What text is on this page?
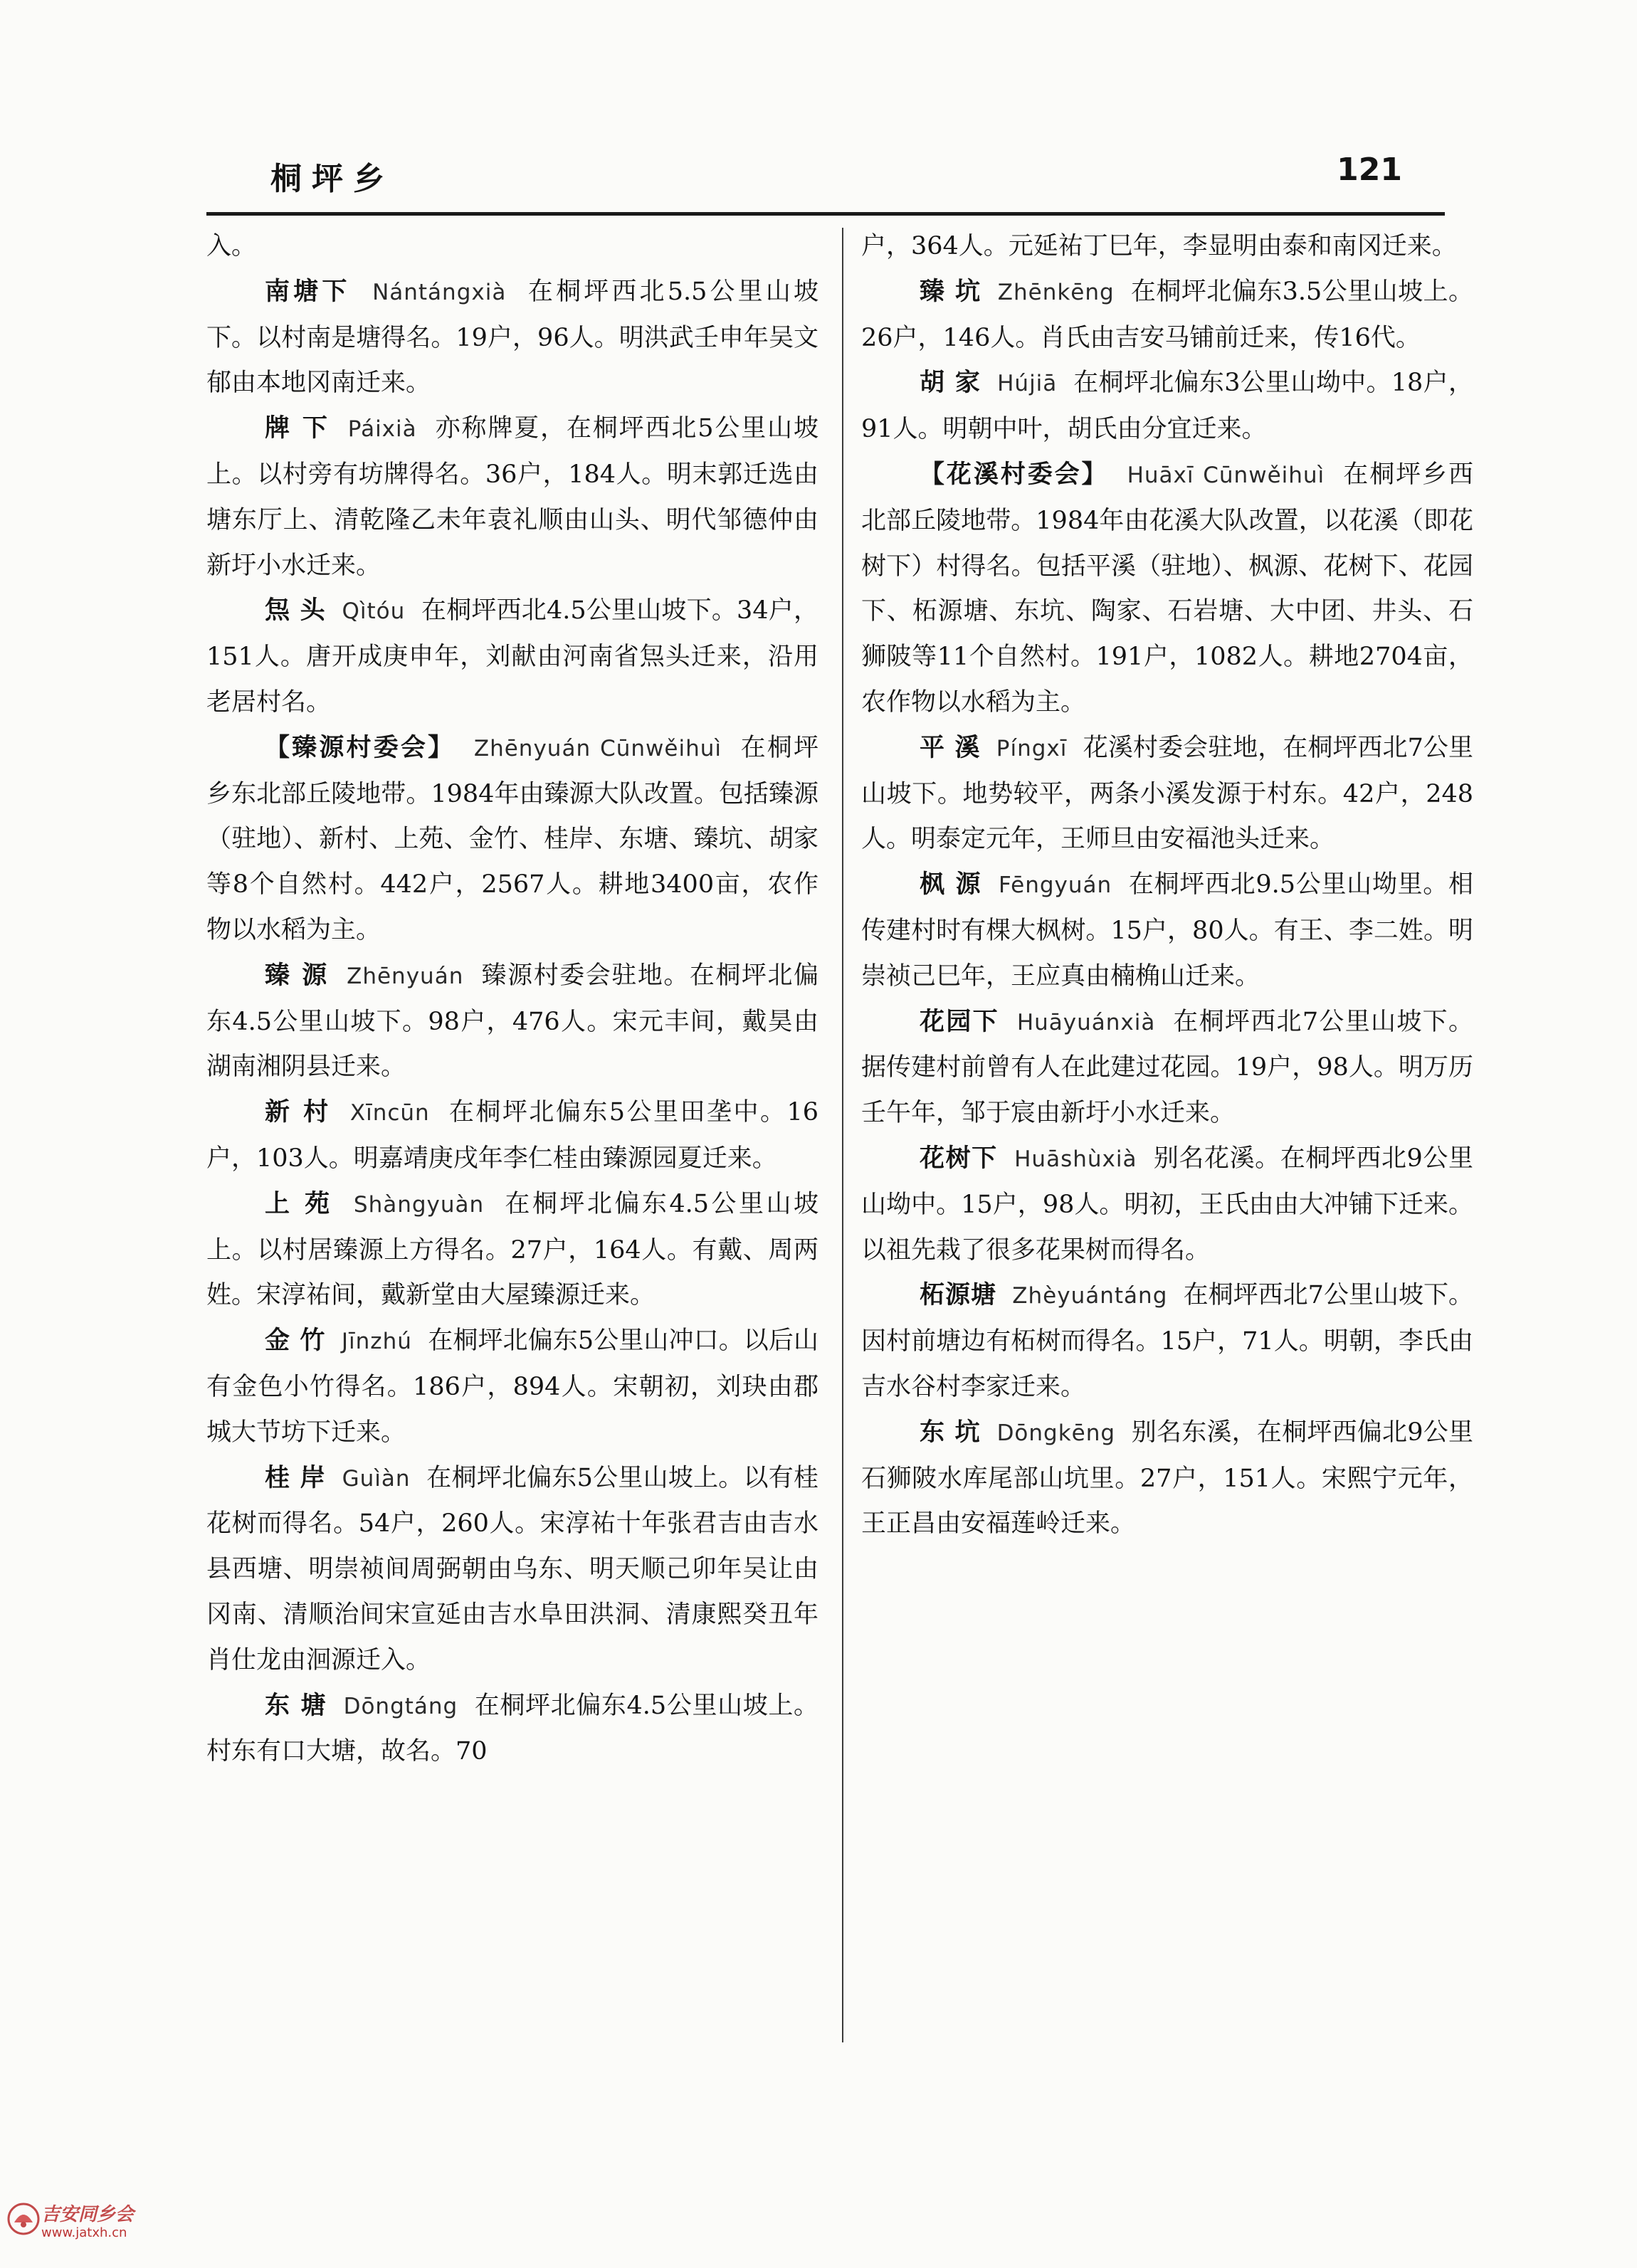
桐坪乡	121

入。

南塘下 Nántángxià 在桐坪西北5.5公里山坡下。以村南是塘得名。19户，96人。明洪武壬申年吴文郁由本地冈南迁来。

牌 下 Páixià 亦称牌夏，在桐坪西北5公里山坡上。以村旁有坊牌得名。36户，184人。明末郭迁选由塘东厅上、清乾隆乙未年袁礼顺由山头、明代邹德仲由新圩小水迁来。

炰 头 Qìtóu 在桐坪西北4.5公里山坡下。34户，151人。唐开成庚申年，刘献由河南省炰头迁来，沿用老居村名。

【臻源村委会】 Zhēnyuán Cūnwěihuì 在桐坪乡东北部丘陵地带。1984年由臻源大队改置。包括臻源（驻地）、新村、上苑、金竹、桂岸、东塘、臻坑、胡家等8个自然村。442户，2567人。耕地3400亩，农作物以水稻为主。

臻 源 Zhēnyuán 臻源村委会驻地。在桐坪北偏东4.5公里山坡下。98户，476人。宋元丰间，戴昊由湖南湘阴县迁来。

新 村 Xīncūn 在桐坪北偏东5公里田垄中。16户，103人。明嘉靖庚戌年李仁桂由臻源园夏迁来。

上 苑 Shàngyuàn 在桐坪北偏东4.5公里山坡上。以村居臻源上方得名。27户，164人。有戴、周两姓。宋淳祐间，戴新堂由大屋臻源迁来。

金 竹 Jīnzhú 在桐坪北偏东5公里山冲口。以后山有金色小竹得名。186户，894人。宋朝初，刘玦由郡城大节坊下迁来。

桂 岸 Guìàn 在桐坪北偏东5公里山坡上。以有桂花树而得名。54户，260人。宋淳祐十年张君吉由吉水县西塘、明崇祯间周弼朝由乌东、明天顺己卯年吴让由冈南、清顺治间宋宣延由吉水阜田洪洞、清康熙癸丑年肖仕龙由洄源迁入。

东 塘 Dōngtáng 在桐坪北偏东4.5公里山坡上。村东有口大塘，故名。70

户，364人。元延祐丁巳年，李显明由泰和南冈迁来。

臻 坑 Zhēnkēng 在桐坪北偏东3.5公里山坡上。26户，146人。肖氏由吉安马铺前迁来，传16代。

胡 家 Hújiā 在桐坪北偏东3公里山坳中。18户，91人。明朝中叶，胡氏由分宜迁来。

【花溪村委会】 Huāxī Cūnwěihuì 在桐坪乡西北部丘陵地带。1984年由花溪大队改置，以花溪（即花树下）村得名。包括平溪（驻地）、枫源、花树下、花园下、柘源塘、东坑、陶家、石岩塘、大中团、井头、石狮陂等11个自然村。191户，1082人。耕地2704亩，农作物以水稻为主。

平 溪 Píngxī 花溪村委会驻地，在桐坪西北7公里山坡下。地势较平，两条小溪发源于村东。42户，248人。明泰定元年，王师旦由安福池头迁来。

枫 源 Fēngyuán 在桐坪西北9.5公里山坳里。相传建村时有棵大枫树。15户，80人。有王、李二姓。明崇祯己巳年，王应真由楠桷山迁来。

花园下 Huāyuánxià 在桐坪西北7公里山坡下。据传建村前曾有人在此建过花园。19户，98人。明万历壬午年，邹于宸由新圩小水迁来。

花树下 Huāshùxià 别名花溪。在桐坪西北9公里山坳中。15户，98人。明初，王氏由由大冲铺下迁来。以祖先栽了很多花果树而得名。

柘源塘 Zhèyuántáng 在桐坪西北7公里山坡下。因村前塘边有柘树而得名。15户，71人。明朝，李氏由吉水谷村李家迁来。

东 坑 Dōngkēng 别名东溪，在桐坪西偏北9公里石狮陂水库尾部山坑里。27户，151人。宋熙宁元年，王正昌由安福莲岭迁来。

吉安同乡会
www.jatxh.cn
